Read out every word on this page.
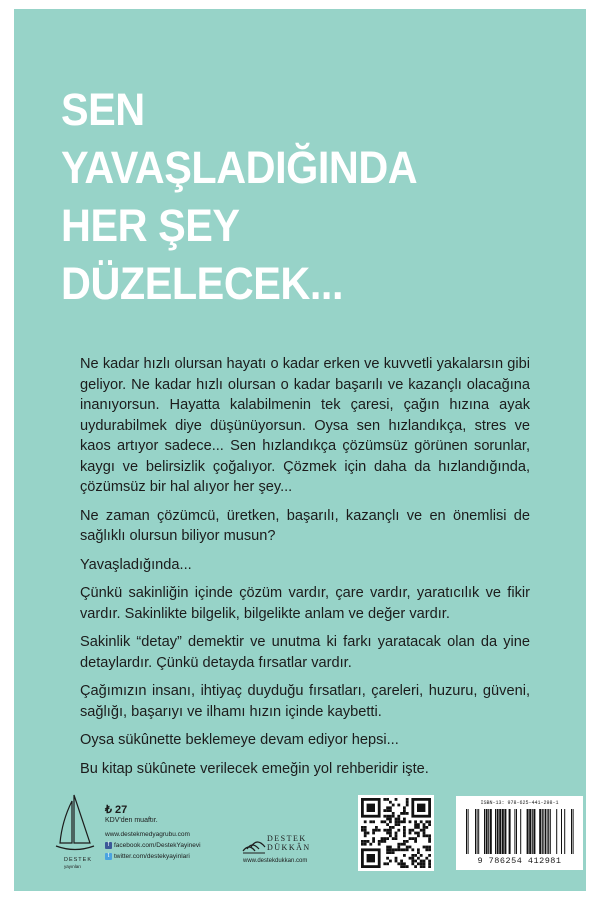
SEN
YAVAŞLADIĞINDA
HER ŞEY
DÜZELECEK...

Ne kadar hızlı olursan hayatı o kadar erken ve kuvvetli yakalarsın gibi geliyor. Ne kadar hızlı olursan o kadar başarılı ve kazançlı olacağına inanıyorsun. Hayatta kalabilmenin tek çaresi, çağın hızına ayak uydurabilmek diye düşünüyorsun. Oysa sen hızlandıkça, stres ve kaos artıyor sadece... Sen hızlandıkça çözümsüz görünen sorunlar, kaygı ve belirsizlik çoğalıyor. Çözmek için daha da hızlandığında, çözümsüz bir hal alıyor her şey...

Ne zaman çözümcü, üretken, başarılı, kazançlı ve en önemlisi de sağlıklı olursun biliyor musun?

Yavaşladığında...

Çünkü sakinliğin içinde çözüm vardır, çare vardır, yaratıcılık ve fikir vardır. Sakinlikte bilgelik, bilgelikte anlam ve değer vardır.

Sakinlik “detay” demektir ve unutma ki farkı yaratacak olan da yine detaylardır. Çünkü detayda fırsatlar vardır.

Çağımızın insanı, ihtiyaç duyduğu fırsatları, çareleri, huzuru, güveni, sağlığı, başarıyı ve ilhamı hızın içinde kaybetti.

Oysa sükûnette beklemeye devam ediyor hepsi...

Bu kitap sükûnete verilecek emeğin yol rehberidir işte.

DESTEK
yayınları
₺ 27
KDV'den muaftır.
www.destekmedyagrubu.com
f facebook.com/DestekYayinevi
t twitter.com/destekyayinlari
DESTEK
DÜKKÂN
www.destekdukkan.com
ISBN-13: 978-625-441-298-1
9 786254 412981
